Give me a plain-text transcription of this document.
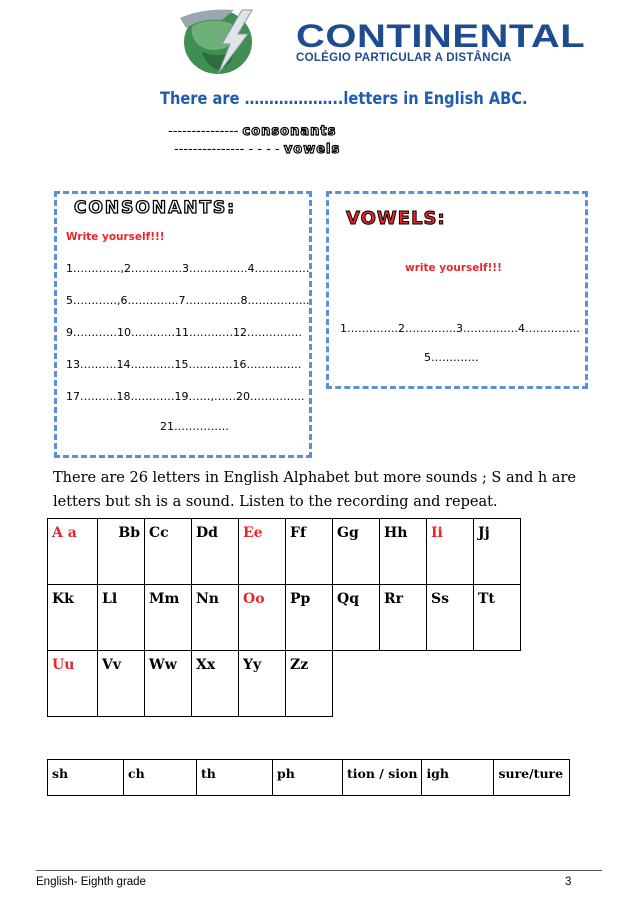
CONTINENTAL
COLÉGIO PARTICULAR A DISTÂNCIA
There are ………………..letters in English ABC.
--------------- consonants
--------------- - - - - vowels
CONSONANTS:
Write yourself!!!
1………….,2…………..3…………….4……………
5…………,6…………..7……………8……………..
9…………10…………11…………12……………
13……….14…………15…………16……………
17……….18…………19……,……20…………...
21……………
VOWELS:
write yourself!!!
1…………..2…………..3……………4……………
5………….
There are 26 letters in English Alphabet but more sounds ; S and h are letters but sh is a sound. Listen to the recording and repeat.
A a	Bb	Cc	Dd	Ee	Ff	Gg	Hh	Ii	Jj
Kk	Ll	Mm	Nn	Oo	Pp	Qq	Rr	Ss	Tt
Uu	Vv	Ww	Xx	Yy	Zz				
sh	ch	th	ph	tion / sion	igh	sure/ture
English- Eighth grade	3
